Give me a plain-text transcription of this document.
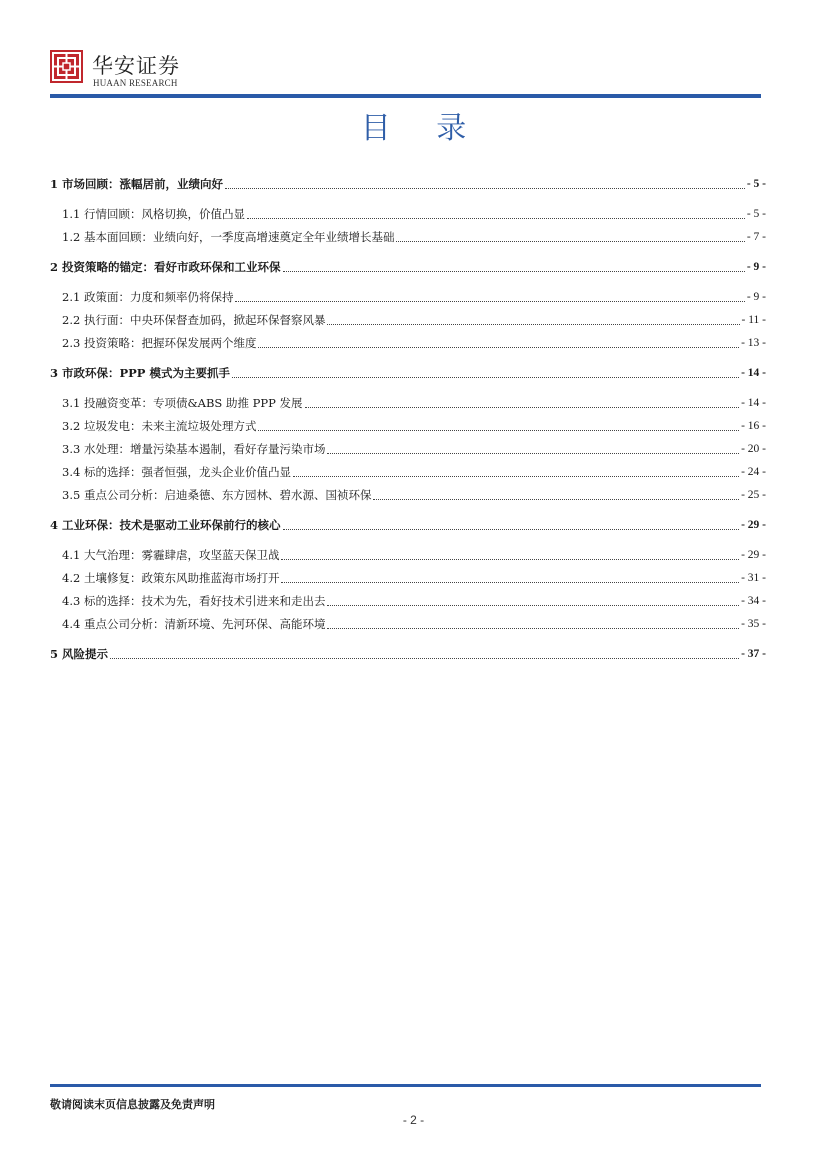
华安证券
HUAAN RESEARCH
目 录
1 市场回顾：涨幅居前，业绩向好	- 5 -
1.1 行情回顾：风格切换，价值凸显	- 5 -
1.2 基本面回顾：业绩向好，一季度高增速奠定全年业绩增长基础	- 7 -
2 投资策略的锚定：看好市政环保和工业环保	- 9 -
2.1 政策面：力度和频率仍将保持	- 9 -
2.2 执行面：中央环保督查加码，掀起环保督察风暴	- 11 -
2.3 投资策略：把握环保发展两个维度	- 13 -
3 市政环保：PPP 模式为主要抓手	- 14 -
3.1 投融资变革：专项债&ABS 助推 PPP 发展	- 14 -
3.2 垃圾发电：未来主流垃圾处理方式	- 16 -
3.3 水处理：增量污染基本遏制，看好存量污染市场	- 20 -
3.4 标的选择：强者恒强，龙头企业价值凸显	- 24 -
3.5 重点公司分析：启迪桑德、东方园林、碧水源、国祯环保	- 25 -
4 工业环保：技术是驱动工业环保前行的核心	- 29 -
4.1 大气治理：雾霾肆虐，攻坚蓝天保卫战	- 29 -
4.2 土壤修复：政策东风助推蓝海市场打开	- 31 -
4.3 标的选择：技术为先，看好技术引进来和走出去	- 34 -
4.4 重点公司分析：清新环境、先河环保、高能环境	- 35 -
5 风险提示	- 37 -
敬请阅读末页信息披露及免责声明
- 2 -
